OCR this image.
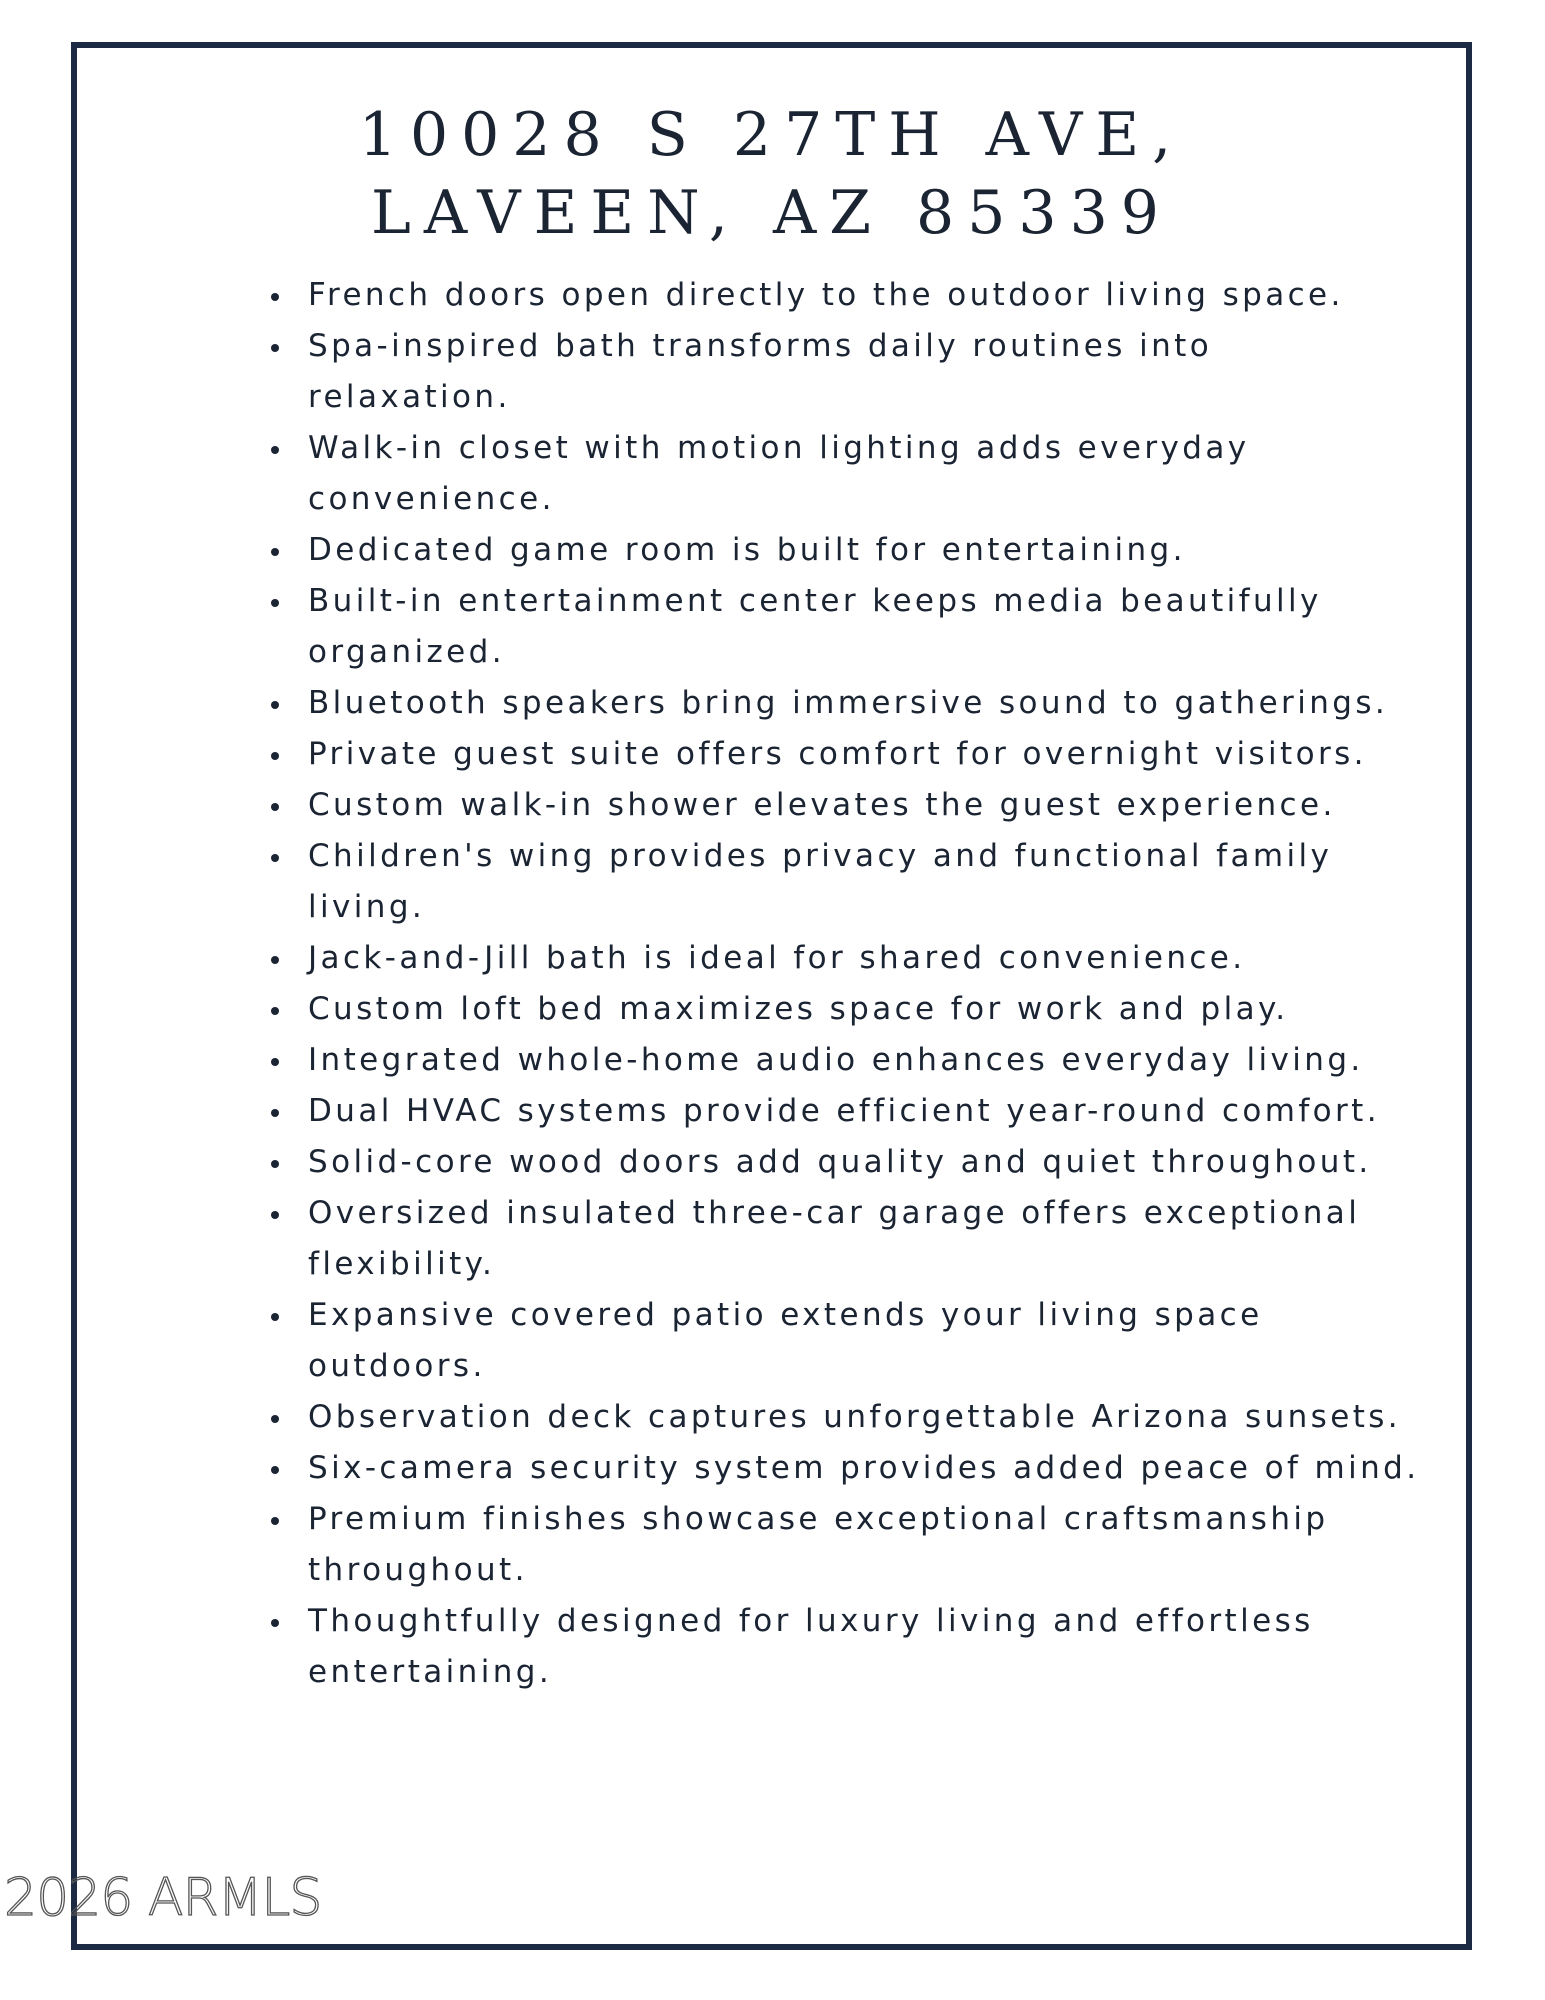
10028 S 27TH AVE,
LAVEEN, AZ 85339
French doors open directly to the outdoor living space.
Spa-inspired bath transforms daily routines into relaxation.
Walk-in closet with motion lighting adds everyday convenience.
Dedicated game room is built for entertaining.
Built-in entertainment center keeps media beautifully organized.
Bluetooth speakers bring immersive sound to gatherings.
Private guest suite offers comfort for overnight visitors.
Custom walk-in shower elevates the guest experience.
Children's wing provides privacy and functional family living.
Jack-and-Jill bath is ideal for shared convenience.
Custom loft bed maximizes space for work and play.
Integrated whole-home audio enhances everyday living.
Dual HVAC systems provide efficient year-round comfort.
Solid-core wood doors add quality and quiet throughout.
Oversized insulated three-car garage offers exceptional flexibility.
Expansive covered patio extends your living space outdoors.
Observation deck captures unforgettable Arizona sunsets.
Six-camera security system provides added peace of mind.
Premium finishes showcase exceptional craftsmanship throughout.
Thoughtfully designed for luxury living and effortless entertaining.
2026 ARMLS
